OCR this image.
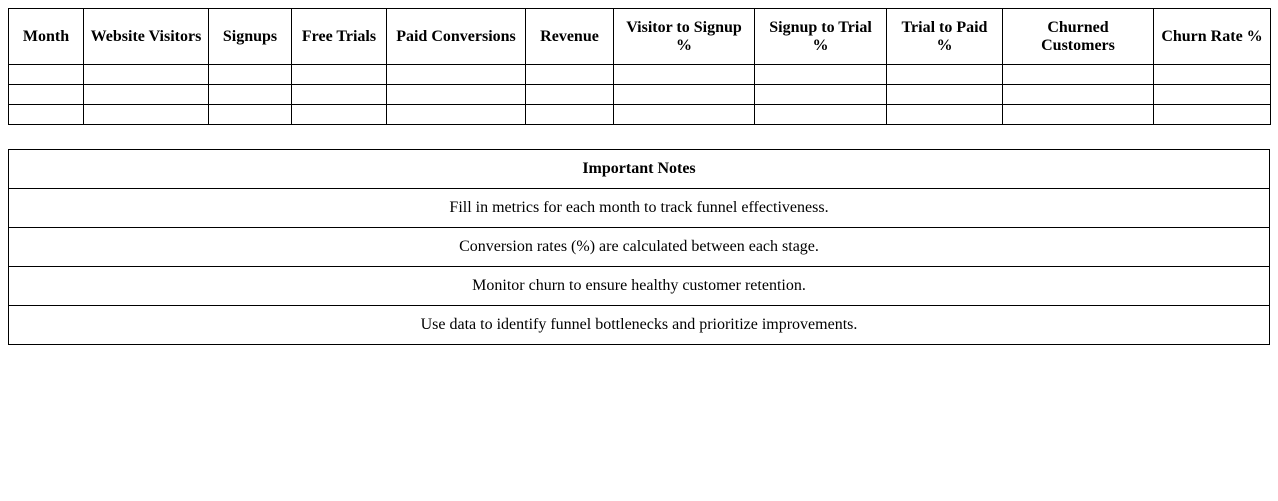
Month	Website Visitors	Signups	Free Trials	Paid Conversions	Revenue	Visitor to Signup %	Signup to Trial %	Trial to Paid %	Churned Customers	Churn Rate %

Important Notes
Fill in metrics for each month to track funnel effectiveness.
Conversion rates (%) are calculated between each stage.
Monitor churn to ensure healthy customer retention.
Use data to identify funnel bottlenecks and prioritize improvements.
